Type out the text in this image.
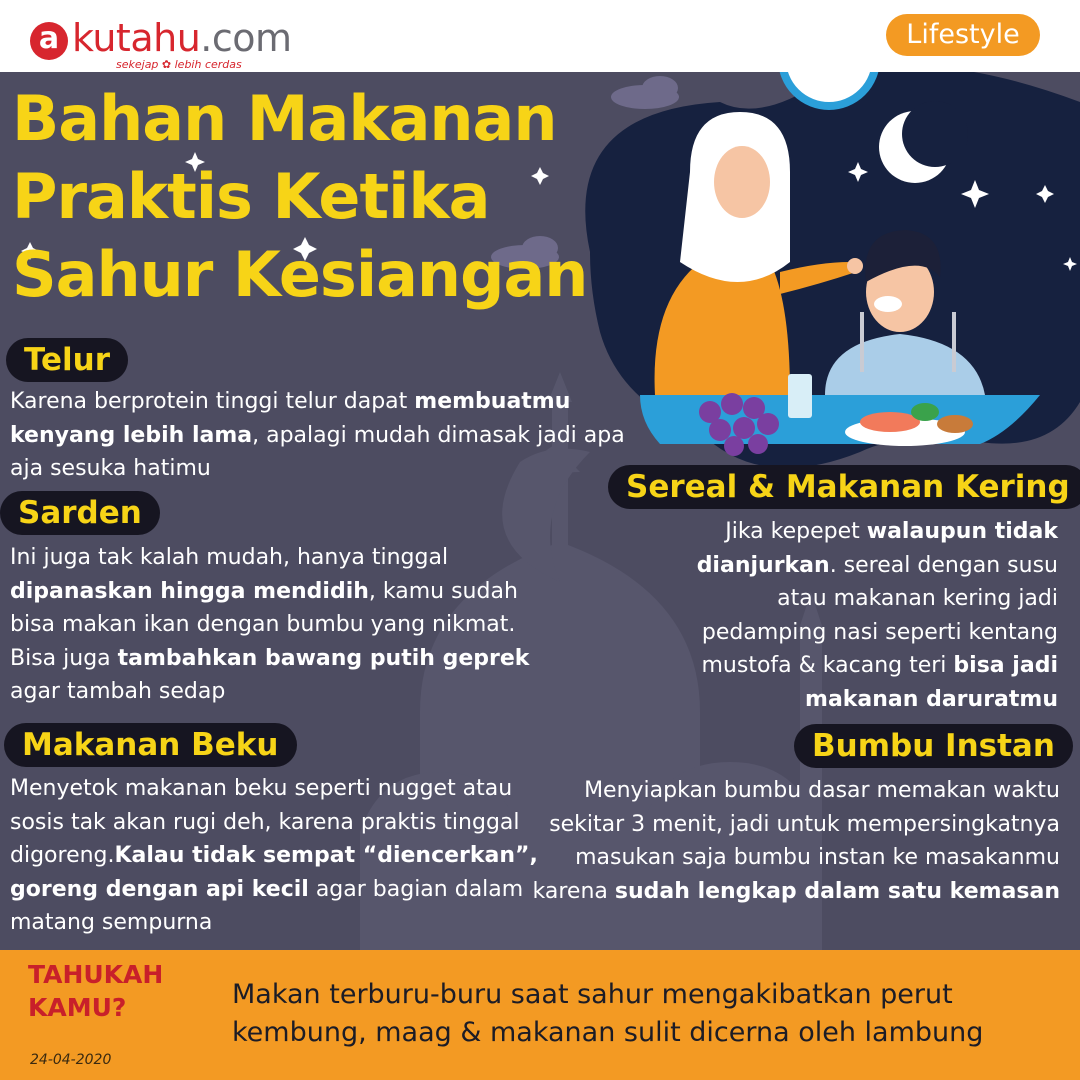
a kutahu.com
sekejap ✿ lebih cerdas
Lifestyle
Bahan Makanan
Praktis Ketika
Sahur Kesiangan
Telur
Karena berprotein tinggi telur dapat membuatmu kenyang lebih lama, apalagi mudah dimasak jadi apa aja sesuka hatimu
Sarden
Ini juga tak kalah mudah, hanya tinggal dipanaskan hingga mendidih, kamu sudah bisa makan ikan dengan bumbu yang nikmat. Bisa juga tambahkan bawang putih geprek agar tambah sedap
Makanan Beku
Menyetok makanan beku seperti nugget atau sosis tak akan rugi deh, karena praktis tinggal digoreng.Kalau tidak sempat “diencerkan”, goreng dengan api kecil agar bagian dalam matang sempurna
Sereal & Makanan Kering
Jika kepepet walaupun tidak dianjurkan. sereal dengan susu atau makanan kering jadi pedamping nasi seperti kentang mustofa & kacang teri bisa jadi makanan daruratmu
Bumbu Instan
Menyiapkan bumbu dasar memakan waktu sekitar 3 menit, jadi untuk mempersingkatnya masukan saja bumbu instan ke masakanmu karena sudah lengkap dalam satu kemasan
TAHUKAH KAMU?	Makan terburu-buru saat sahur mengakibatkan perut kembung, maag & makanan sulit dicerna oleh lambung
24-04-2020
